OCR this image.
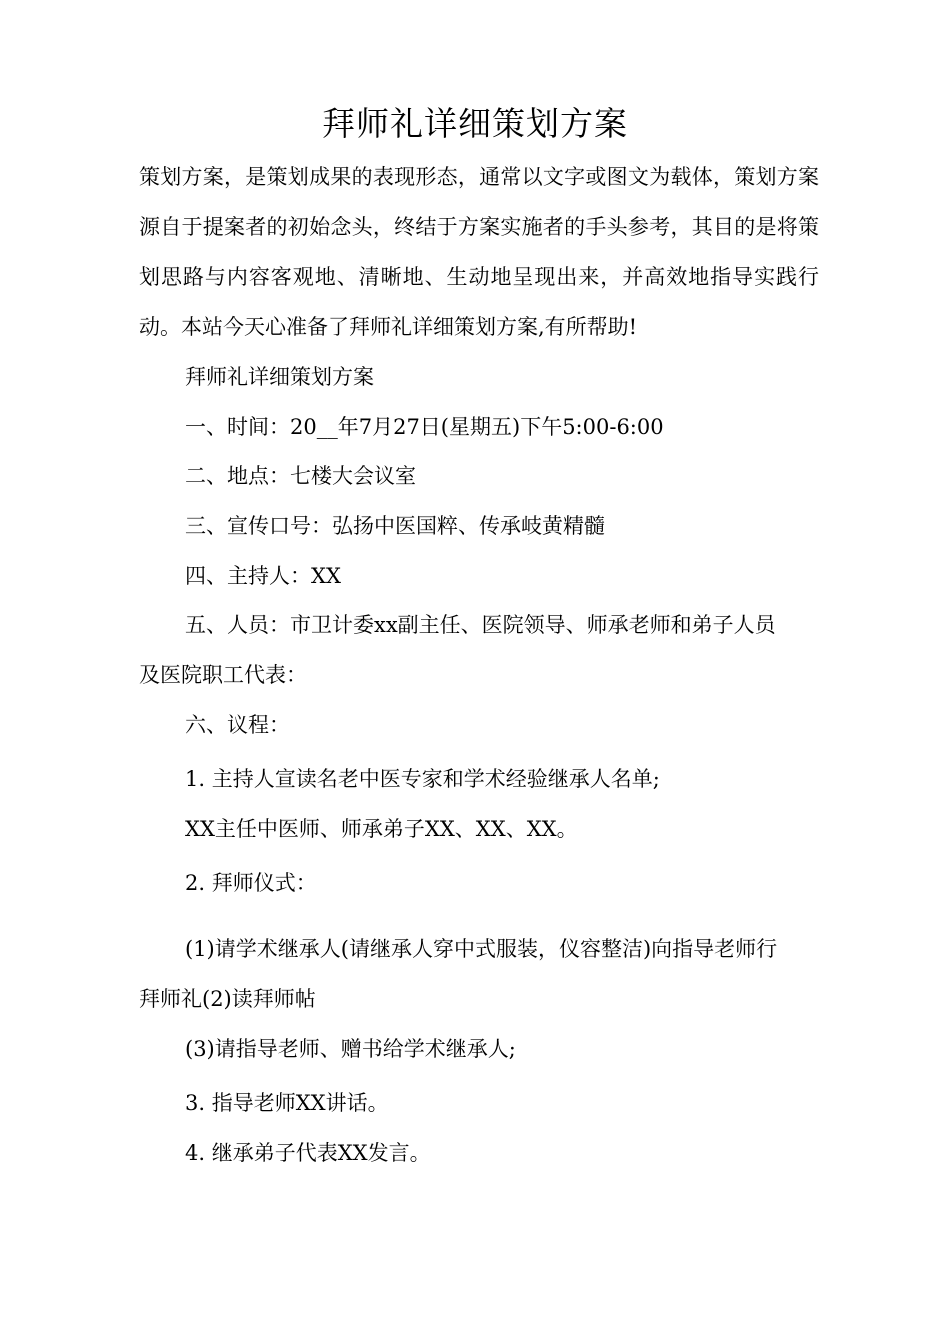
拜师礼详细策划方案
策划方案，是策划成果的表现形态，通常以文字或图文为载体，策划方案源自于提案者的初始念头，终结于方案实施者的手头参考，其目的是将策划思路与内容客观地、清晰地、生动地呈现出来，并高效地指导实践行动。本站今天心准备了拜师礼详细策划方案,有所帮助!
拜师礼详细策划方案
一、时间：20__年7月27日(星期五)下午5:00-6:00
二、地点：七楼大会议室
三、宣传口号：弘扬中医国粹、传承岐黄精髓
四、主持人：XX
五、人员：市卫计委xx副主任、医院领导、师承老师和弟子人员
及医院职工代表：
六、议程：
1. 主持人宣读名老中医专家和学术经验继承人名单;
XX主任中医师、师承弟子XX、XX、XX。
2. 拜师仪式：
(1)请学术继承人(请继承人穿中式服装，仪容整洁)向指导老师行
拜师礼(2)读拜师帖
(3)请指导老师、赠书给学术继承人;
3. 指导老师XX讲话。
4. 继承弟子代表XX发言。
